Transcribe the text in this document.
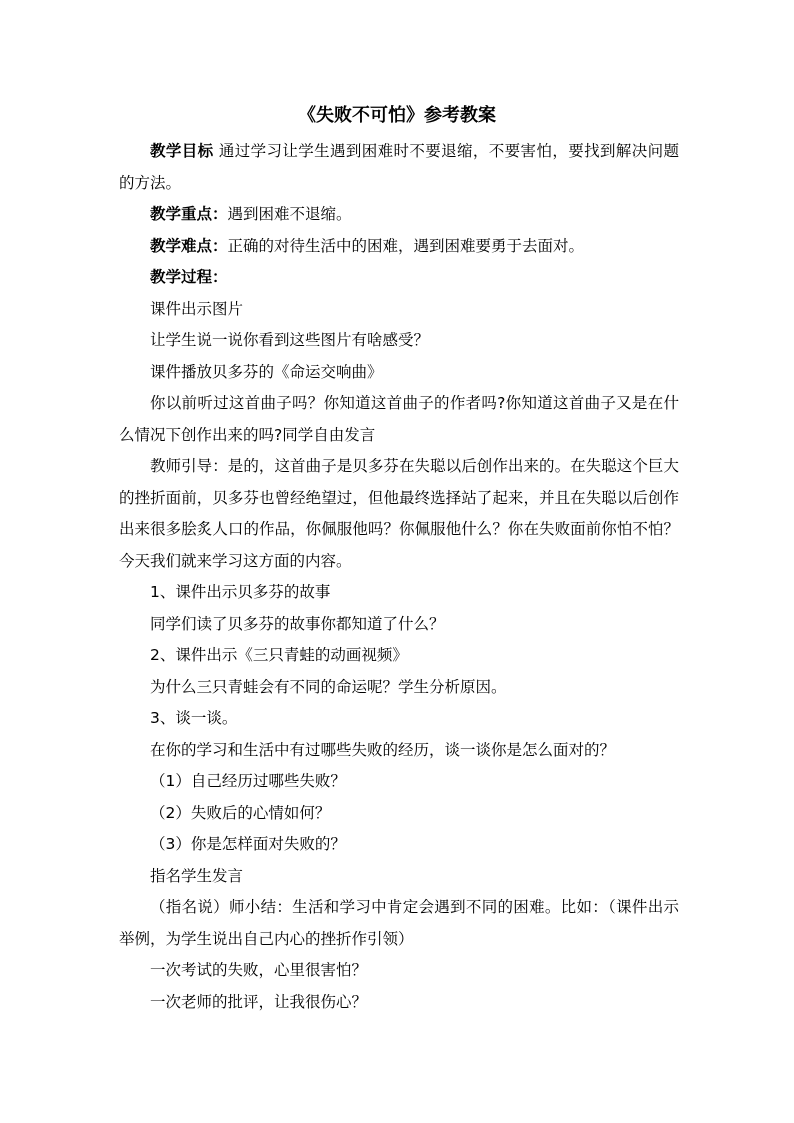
《失败不可怕》参考教案

教学目标 通过学习让学生遇到困难时不要退缩，不要害怕，要找到解决问题的方法。

教学重点：遇到困难不退缩。

教学难点：正确的对待生活中的困难，遇到困难要勇于去面对。

教学过程：

课件出示图片

让学生说一说你看到这些图片有啥感受？

课件播放贝多芬的《命运交响曲》

你以前听过这首曲子吗？你知道这首曲子的作者吗?你知道这首曲子又是在什么情况下创作出来的吗?同学自由发言

教师引导：是的，这首曲子是贝多芬在失聪以后创作出来的。在失聪这个巨大的挫折面前，贝多芬也曾经绝望过，但他最终选择站了起来，并且在失聪以后创作出来很多脍炙人口的作品，你佩服他吗？你佩服他什么？你在失败面前你怕不怕？今天我们就来学习这方面的内容。

1、课件出示贝多芬的故事

同学们读了贝多芬的故事你都知道了什么？

2、课件出示《三只青蛙的动画视频》

为什么三只青蛙会有不同的命运呢？学生分析原因。

3、谈一谈。

在你的学习和生活中有过哪些失败的经历，谈一谈你是怎么面对的？

（1）自己经历过哪些失败？

（2）失败后的心情如何？

（3）你是怎样面对失败的？

指名学生发言

（指名说）师小结：生活和学习中肯定会遇到不同的困难。比如：（课件出示举例，为学生说出自己内心的挫折作引领）

一次考试的失败，心里很害怕？

一次老师的批评，让我很伤心？
